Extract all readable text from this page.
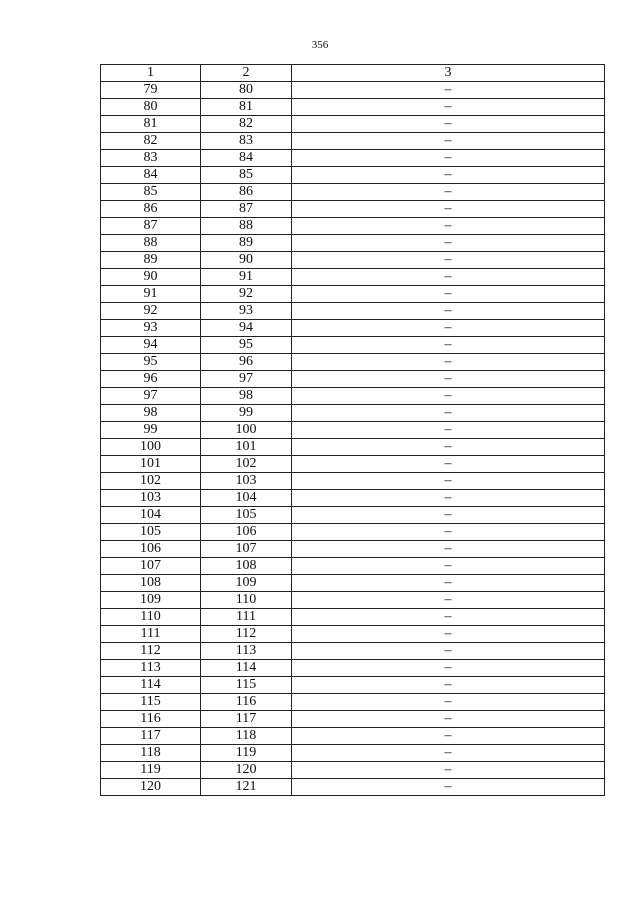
356
1	2	3
79	80	–
80	81	–
81	82	–
82	83	–
83	84	–
84	85	–
85	86	–
86	87	–
87	88	–
88	89	–
89	90	–
90	91	–
91	92	–
92	93	–
93	94	–
94	95	–
95	96	–
96	97	–
97	98	–
98	99	–
99	100	–
100	101	–
101	102	–
102	103	–
103	104	–
104	105	–
105	106	–
106	107	–
107	108	–
108	109	–
109	110	–
110	111	–
111	112	–
112	113	–
113	114	–
114	115	–
115	116	–
116	117	–
117	118	–
118	119	–
119	120	–
120	121	–
